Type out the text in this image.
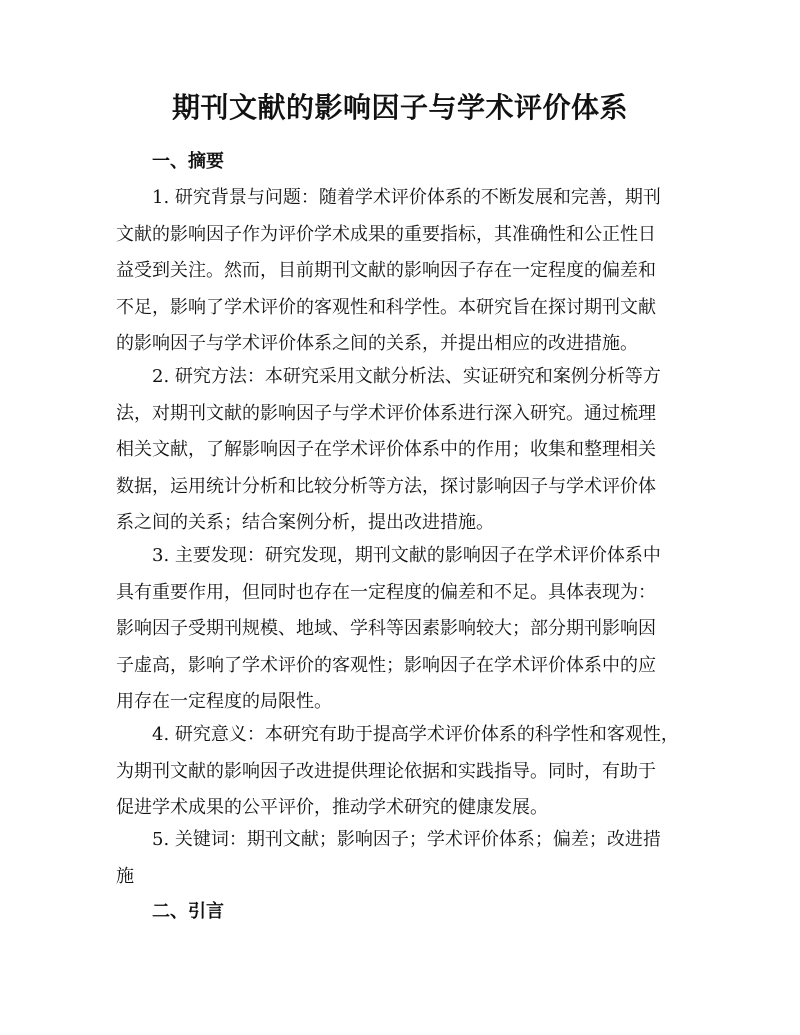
期刊文献的影响因子与学术评价体系
一、摘要
1. 研究背景与问题：随着学术评价体系的不断发展和完善，期刊
文献的影响因子作为评价学术成果的重要指标，其准确性和公正性日
益受到关注。然而，目前期刊文献的影响因子存在一定程度的偏差和
不足，影响了学术评价的客观性和科学性。本研究旨在探讨期刊文献
的影响因子与学术评价体系之间的关系，并提出相应的改进措施。
2. 研究方法：本研究采用文献分析法、实证研究和案例分析等方
法，对期刊文献的影响因子与学术评价体系进行深入研究。通过梳理
相关文献，了解影响因子在学术评价体系中的作用；收集和整理相关
数据，运用统计分析和比较分析等方法，探讨影响因子与学术评价体
系之间的关系；结合案例分析，提出改进措施。
3. 主要发现：研究发现，期刊文献的影响因子在学术评价体系中
具有重要作用，但同时也存在一定程度的偏差和不足。具体表现为：
影响因子受期刊规模、地域、学科等因素影响较大；部分期刊影响因
子虚高，影响了学术评价的客观性；影响因子在学术评价体系中的应
用存在一定程度的局限性。
4. 研究意义：本研究有助于提高学术评价体系的科学性和客观性，
为期刊文献的影响因子改进提供理论依据和实践指导。同时，有助于
促进学术成果的公平评价，推动学术研究的健康发展。
5. 关键词：期刊文献；影响因子；学术评价体系；偏差；改进措
施
二、引言
